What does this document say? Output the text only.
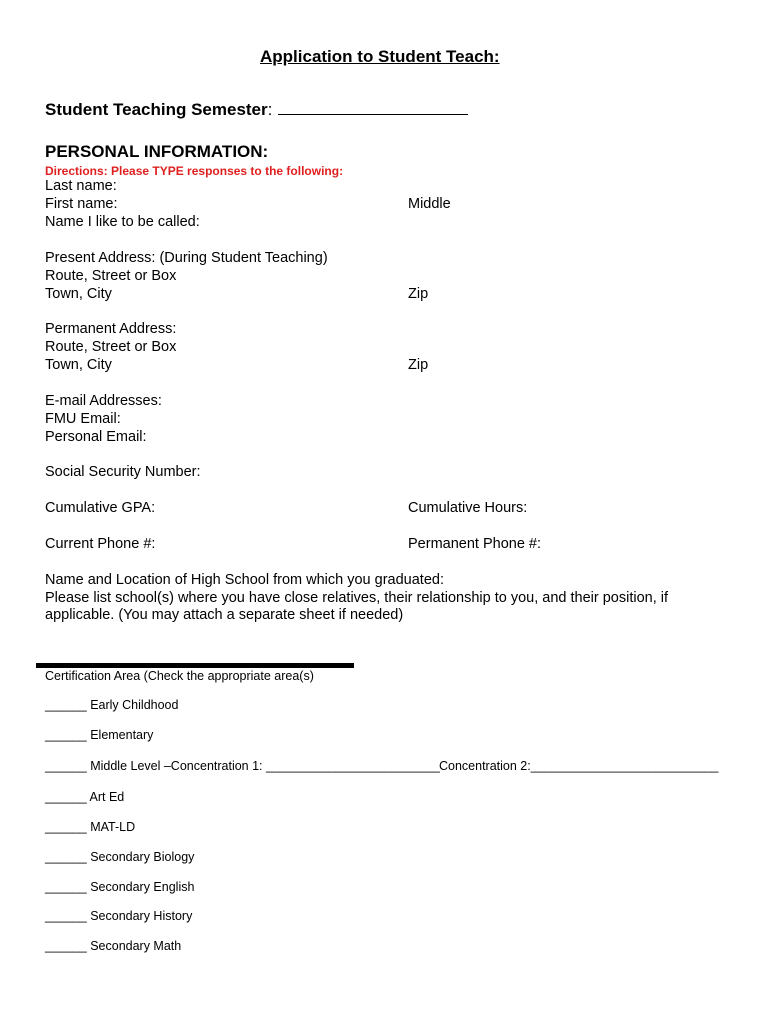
Application to Student Teach:
Student Teaching Semester:
PERSONAL INFORMATION:
Directions: Please TYPE responses to the following:
Last name:
First name:	Middle
Name I like to be called:
Present Address: (During Student Teaching)
Route, Street or Box
Town, City	Zip
Permanent Address:
Route, Street or Box
Town, City	Zip
E-mail Addresses:
FMU Email:
Personal Email:
Social Security Number:
Cumulative GPA:	Cumulative Hours:
Current Phone #:	Permanent Phone #:
Name and Location of High School from which you graduated:
Please list school(s) where you have close relatives, their relationship to you, and their position, if
applicable. (You may attach a separate sheet if needed)
Certification Area (Check the appropriate area(s)
______ Early Childhood
______ Elementary
______ Middle Level –Concentration 1: _________________________ Concentration 2:___________________________
______ Art Ed
______ MAT-LD
______ Secondary Biology
______ Secondary English
______ Secondary History
______ Secondary Math
